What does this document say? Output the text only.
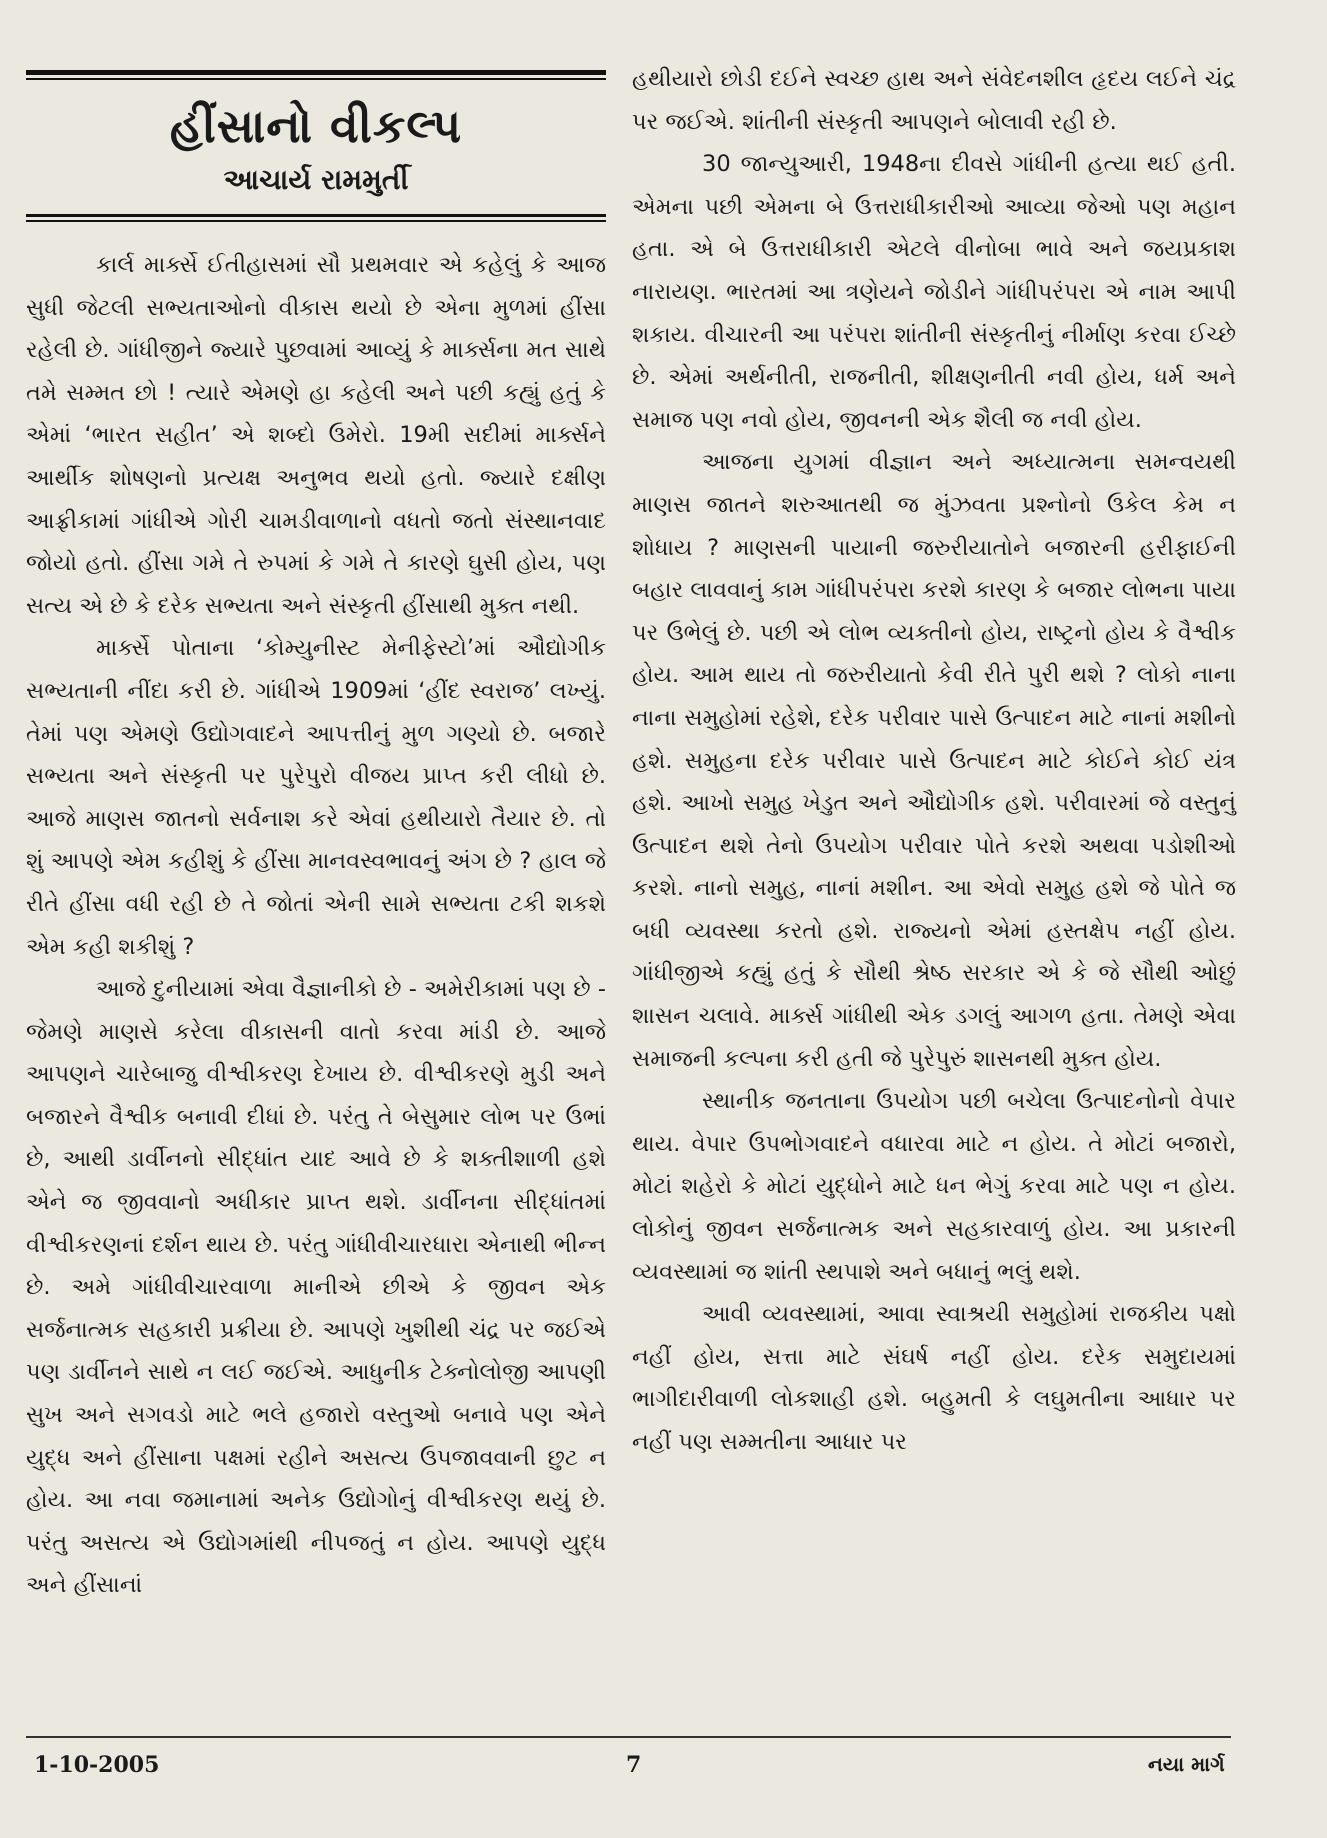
હીંસાનો વીકલ્પ
આચાર્ય રામમુર્તી

કાર્લ માર્ક્સે ઈતીહાસમાં સૌ પ્રથમવાર એ કહેલું કે આજ સુધી જેટલી સભ્યતાઓનો વીકાસ થયો છે એના મુળમાં હીંસા રહેલી છે. ગાંધીજીને જ્યારે પુછવામાં આવ્યું કે માર્ક્સના મત સાથે તમે સમ્મત છો ! ત્યારે એમણે હા કહેલી અને પછી કહ્યું હતું કે એમાં ‘ભારત સહીત’ એ શબ્દો ઉમેરો. 19મી સદીમાં માર્ક્સને આર્થીક શોષણનો પ્રત્યક્ષ અનુભવ થયો હતો. જ્યારે દક્ષીણ આફ્રીકામાં ગાંધીએ ગોરી ચામડીવાળાનો વધતો જતો સંસ્થાનવાદ જોયો હતો. હીંસા ગમે તે રુપમાં કે ગમે તે કારણે ઘુસી હોય, પણ સત્ય એ છે કે દરેક સભ્યતા અને સંસ્કૃતી હીંસાથી મુક્ત નથી.

માર્ક્સે પોતાના ‘કોમ્યુનીસ્ટ મેનીફેસ્ટો’માં ઔદ્યોગીક સભ્યતાની નીંદા કરી છે. ગાંધીએ 1909માં ‘હીંદ સ્વરાજ’ લખ્યું. તેમાં પણ એમણે ઉદ્યોગવાદને આપત્તીનું મુળ ગણ્યો છે. બજારે સભ્યતા અને સંસ્કૃતી પર પુરેપુરો વીજય પ્રાપ્ત કરી લીધો છે. આજે માણસ જાતનો સર્વનાશ કરે એવાં હથીયારો તૈયાર છે. તો શું આપણે એમ કહીશું કે હીંસા માનવસ્વભાવનું અંગ છે ? હાલ જે રીતે હીંસા વધી રહી છે તે જોતાં એની સામે સભ્યતા ટકી શકશે એમ કહી શકીશું ?

આજે દુનીયામાં એવા વૈજ્ઞાનીકો છે - અમેરીકામાં પણ છે - જેમણે માણસે કરેલા વીકાસની વાતો કરવા માંડી છે. આજે આપણને ચારેબાજુ વીશ્વીકરણ દેખાય છે. વીશ્વીકરણે મુડી અને બજારને વૈશ્વીક બનાવી દીધાં છે. પરંતુ તે બેસુમાર લોભ પર ઉભાં છે, આથી ડાર્વીનનો સીદ્ધાંત યાદ આવે છે કે શક્તીશાળી હશે એને જ જીવવાનો અધીકાર પ્રાપ્ત થશે. ડાર્વીનના સીદ્ધાંતમાં વીશ્વીકરણનાં દર્શન થાય છે. પરંતુ ગાંધીવીચારધારા એનાથી ભીન્ન છે. અમે ગાંધીવીચારવાળા માનીએ છીએ કે જીવન એક સર્જનાત્મક સહકારી પ્રક્રીયા છે. આપણે ખુશીથી ચંદ્ર પર જઈએ પણ ડાર્વીનને સાથે ન લઈ જઈએ. આધુનીક ટેક્નોલોજી આપણી સુખ અને સગવડો માટે ભલે હજારો વસ્તુઓ બનાવે પણ એને યુદ્ધ અને હીંસાના પક્ષમાં રહીને અસત્ય ઉપજાવવાની છુટ ન હોય. આ નવા જમાનામાં અનેક ઉદ્યોગોનું વીશ્વીકરણ થયું છે. પરંતુ અસત્ય એ ઉદ્યોગમાંથી નીપજતું ન હોય. આપણે યુદ્ધ અને હીંસાનાં

હથીયારો છોડી દઈને સ્વચ્છ હાથ અને સંવેદનશીલ હૃદય લઈને ચંદ્ર પર જઈએ. શાંતીની સંસ્કૃતી આપણને બોલાવી રહી છે.

30 જાન્યુઆરી, 1948ના દીવસે ગાંધીની હત્યા થઈ હતી. એમના પછી એમના બે ઉત્તરાધીકારીઓ આવ્યા જેઓ પણ મહાન હતા. એ બે ઉત્તરાધીકારી એટલે વીનોબા ભાવે અને જયપ્રકાશ નારાયણ. ભારતમાં આ ત્રણેયને જોડીને ગાંધીપરંપરા એ નામ આપી શકાય. વીચારની આ પરંપરા શાંતીની સંસ્કૃતીનું નીર્માણ કરવા ઈચ્છે છે. એમાં અર્થનીતી, રાજનીતી, શીક્ષણનીતી નવી હોય, ધર્મ અને સમાજ પણ નવો હોય, જીવનની એક શૈલી જ નવી હોય.

આજના યુગમાં વીજ્ઞાન અને અધ્યાત્મના સમન્વયથી માણસ જાતને શરુઆતથી જ મુંઝવતા પ્રશ્નોનો ઉકેલ કેમ ન શોધાય ? માણસની પાયાની જરુરીયાતોને બજારની હરીફાઈની બહાર લાવવાનું કામ ગાંધીપરંપરા કરશે કારણ કે બજાર લોભના પાયા પર ઉભેલું છે. પછી એ લોભ વ્યક્તીનો હોય, રાષ્ટ્રનો હોય કે વૈશ્વીક હોય. આમ થાય તો જરુરીયાતો કેવી રીતે પુરી થશે ? લોકો નાના નાના સમુહોમાં રહેશે, દરેક પરીવાર પાસે ઉત્પાદન માટે નાનાં મશીનો હશે. સમુહના દરેક પરીવાર પાસે ઉત્પાદન માટે કોઈને કોઈ યંત્ર હશે. આખો સમુહ ખેડુત અને ઔદ્યોગીક હશે. પરીવારમાં જે વસ્તુનું ઉત્પાદન થશે તેનો ઉપયોગ પરીવાર પોતે કરશે અથવા પડોશીઓ કરશે. નાનો સમુહ, નાનાં મશીન. આ એવો સમુહ હશે જે પોતે જ બધી વ્યવસ્થા કરતો હશે. રાજ્યનો એમાં હસ્તક્ષેપ નહીં હોય. ગાંધીજીએ કહ્યું હતું કે સૌથી શ્રેષ્ઠ સરકાર એ કે જે સૌથી ઓછું શાસન ચલાવે. માર્ક્સ ગાંધીથી એક ડગલું આગળ હતા. તેમણે એવા સમાજની કલ્પના કરી હતી જે પુરેપુરું શાસનથી મુક્ત હોય.

સ્થાનીક જનતાના ઉપયોગ પછી બચેલા ઉત્પાદનોનો વેપાર થાય. વેપાર ઉપભોગવાદને વધારવા માટે ન હોય. તે મોટાં બજારો, મોટાં શહેરો કે મોટાં યુદ્ધોને માટે ધન ભેગું કરવા માટે પણ ન હોય. લોકોનું જીવન સર્જનાત્મક અને સહકારવાળું હોય. આ પ્રકારની વ્યવસ્થામાં જ શાંતી સ્થપાશે અને બધાનું ભલું થશે.

આવી વ્યવસ્થામાં, આવા સ્વાશ્રયી સમુહોમાં રાજકીય પક્ષો નહીં હોય, સત્તા માટે સંઘર્ષ નહીં હોય. દરેક સમુદાયમાં ભાગીદારીવાળી લોકશાહી હશે. બહુમતી કે લઘુમતીના આધાર પર નહીં પણ સમ્મતીના આધાર પર

1-10-2005	7	નયા માર્ગ
